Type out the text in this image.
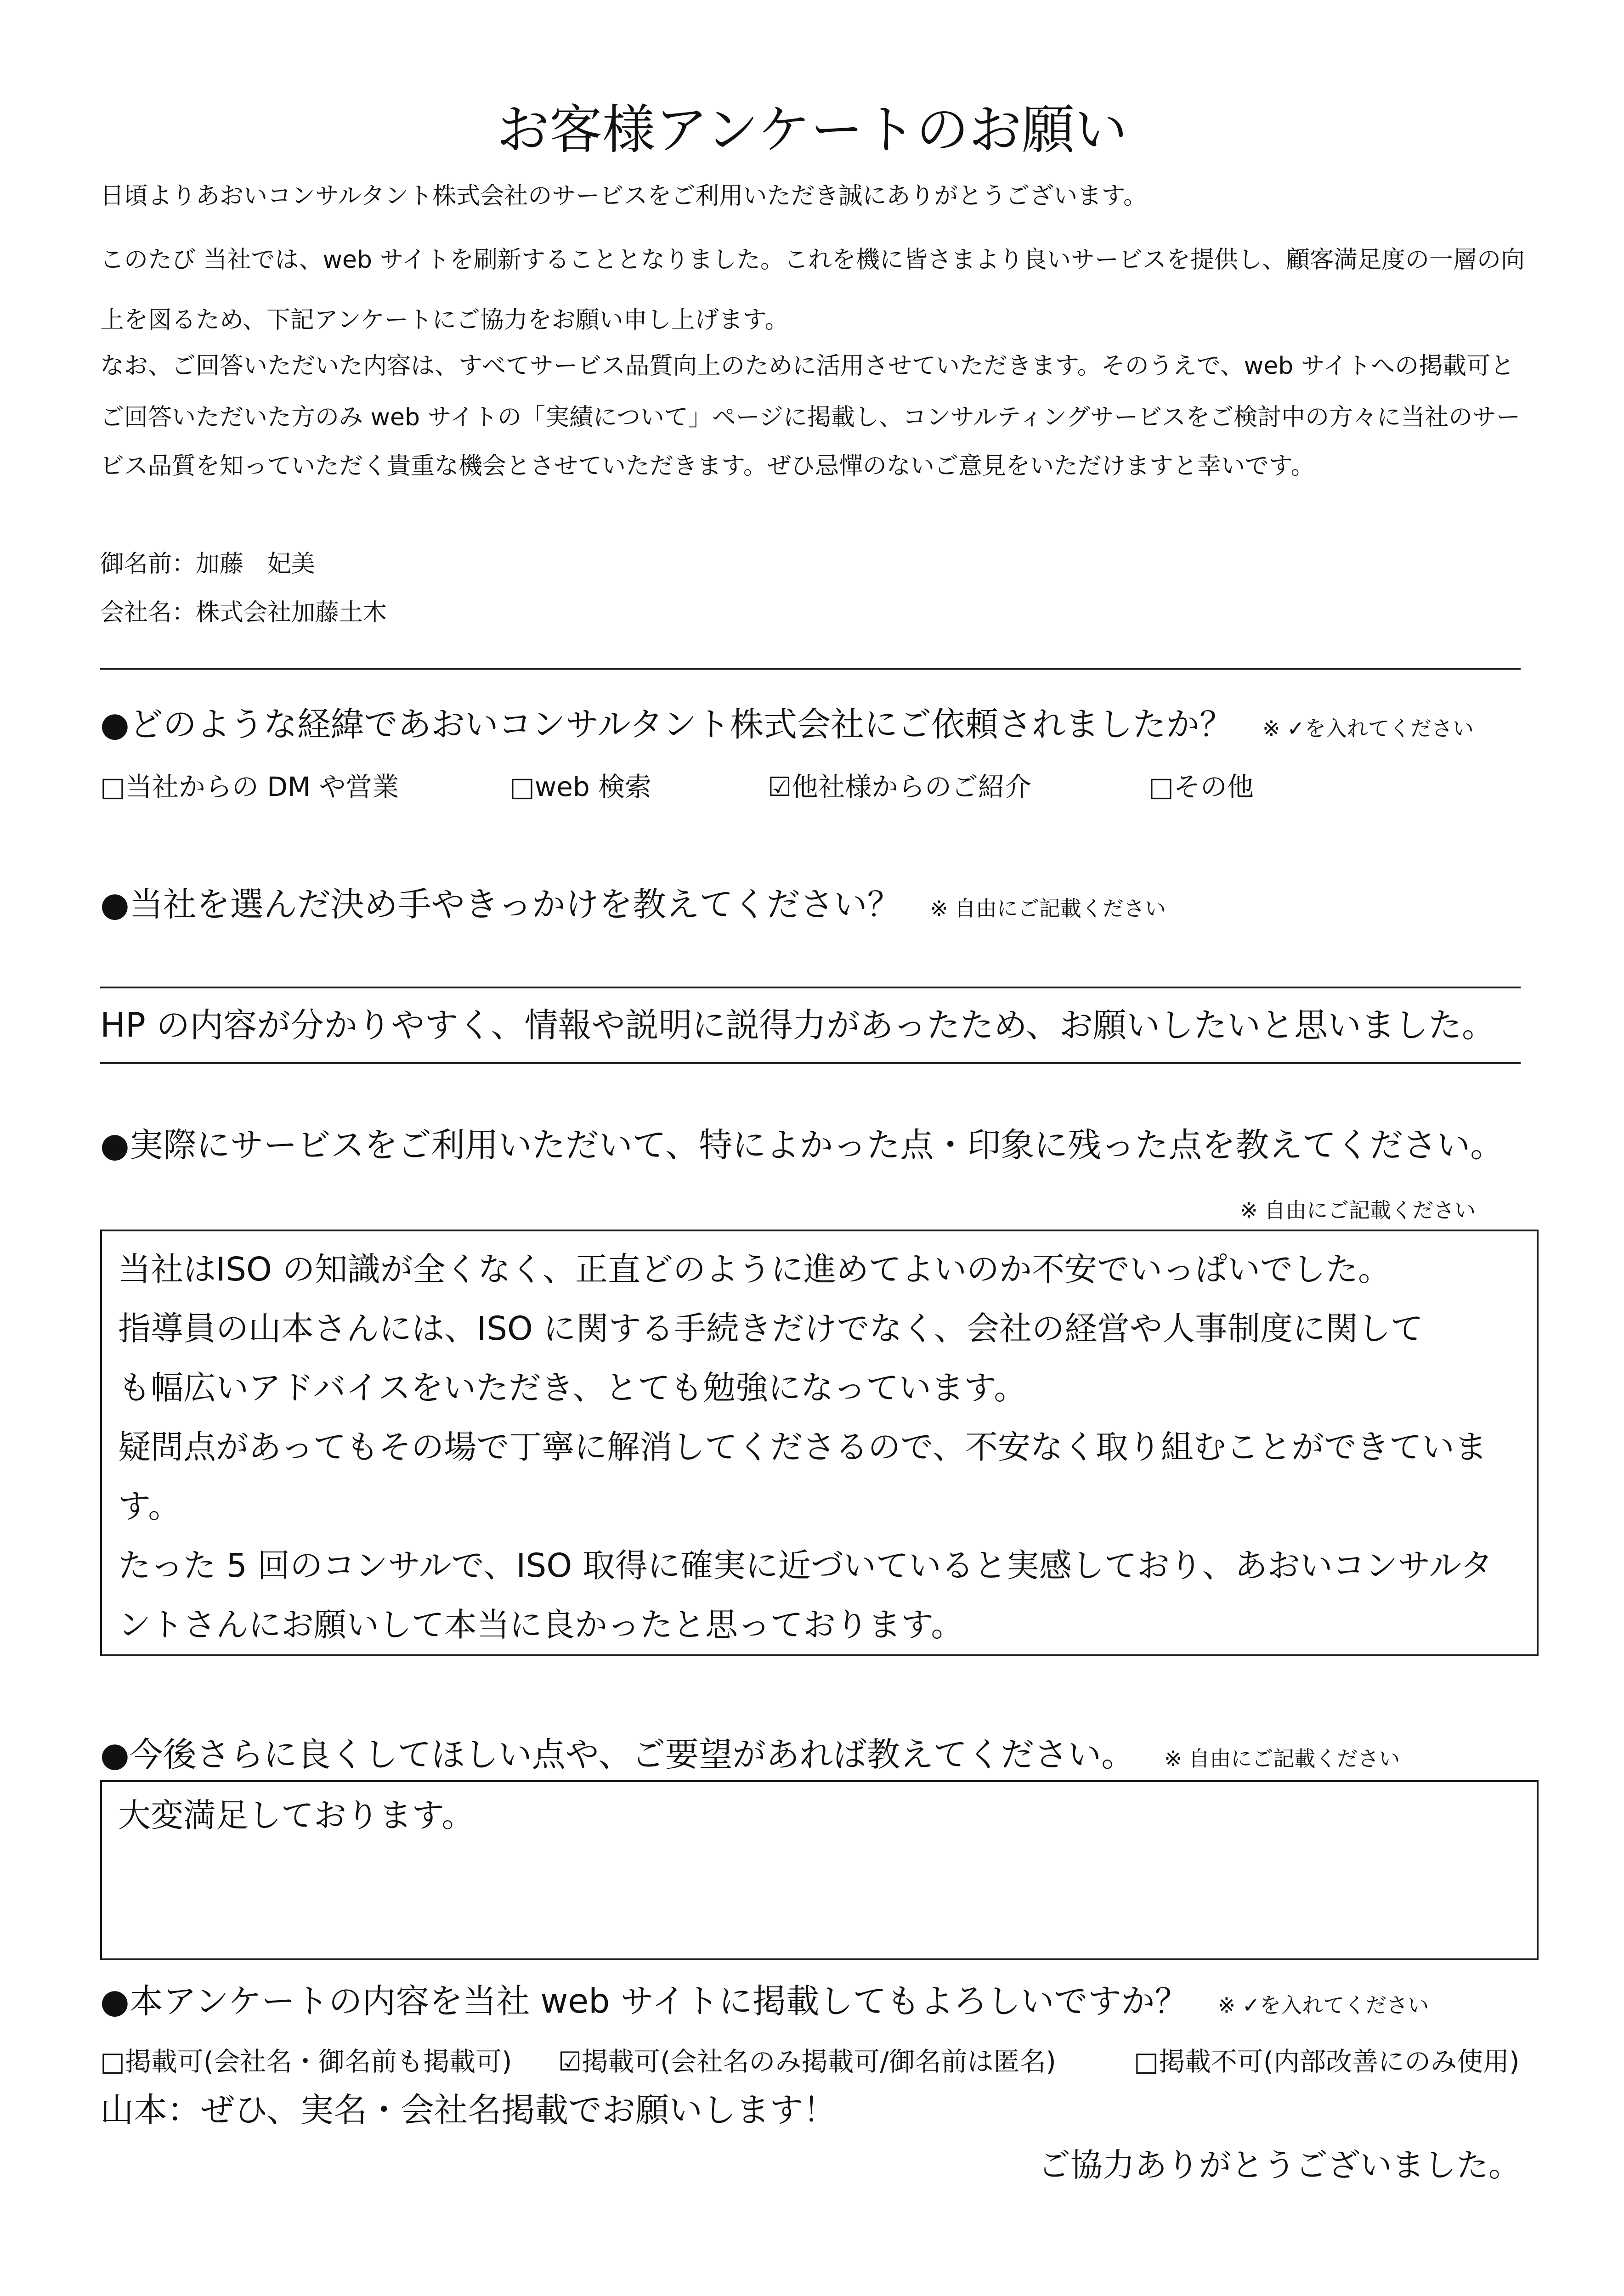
お客様アンケートのお願い
日頃よりあおいコンサルタント株式会社のサービスをご利用いただき誠にありがとうございます。
このたび 当社では、web サイトを刷新することとなりました。これを機に皆さまより良いサービスを提供し、顧客満足度の一層の向
上を図るため、下記アンケートにご協力をお願い申し上げます。
なお、ご回答いただいた内容は、すべてサービス品質向上のために活用させていただきます。そのうえで、web サイトへの掲載可と
ご回答いただいた方のみ web サイトの「実績について」ページに掲載し、コンサルティングサービスをご検討中の方々に当社のサー
ビス品質を知っていただく貴重な機会とさせていただきます。ぜひ忌憚のないご意見をいただけますと幸いです。
御名前：加藤　妃美
会社名：株式会社加藤土木
●どのような経緯であおいコンサルタント株式会社にご依頼されましたか？ ※ ✓を入れてください
□当社からの DM や営業	□web 検索	☑他社様からのご紹介	□その他
●当社を選んだ決め手やきっかけを教えてください？ ※ 自由にご記載ください
HP の内容が分かりやすく、情報や説明に説得力があったため、お願いしたいと思いました。
●実際にサービスをご利用いただいて、特によかった点・印象に残った点を教えてください。
※ 自由にご記載ください
当社はISO の知識が全くなく、正直どのように進めてよいのか不安でいっぱいでした。
指導員の山本さんには、ISO に関する手続きだけでなく、会社の経営や人事制度に関して
も幅広いアドバイスをいただき、とても勉強になっています。
疑問点があってもその場で丁寧に解消してくださるので、不安なく取り組むことができていま
す。
たった 5 回のコンサルで、ISO 取得に確実に近づいていると実感しており、あおいコンサルタ
ントさんにお願いして本当に良かったと思っております。
●今後さらに良くしてほしい点や、ご要望があれば教えてください。 ※ 自由にご記載ください
大変満足しております。
●本アンケートの内容を当社 web サイトに掲載してもよろしいですか？ ※ ✓を入れてください
□掲載可(会社名・御名前も掲載可) ☑掲載可(会社名のみ掲載可/御名前は匿名)	□掲載不可(内部改善にのみ使用)
山本：ぜひ、実名・会社名掲載でお願いします！
ご協力ありがとうございました。
